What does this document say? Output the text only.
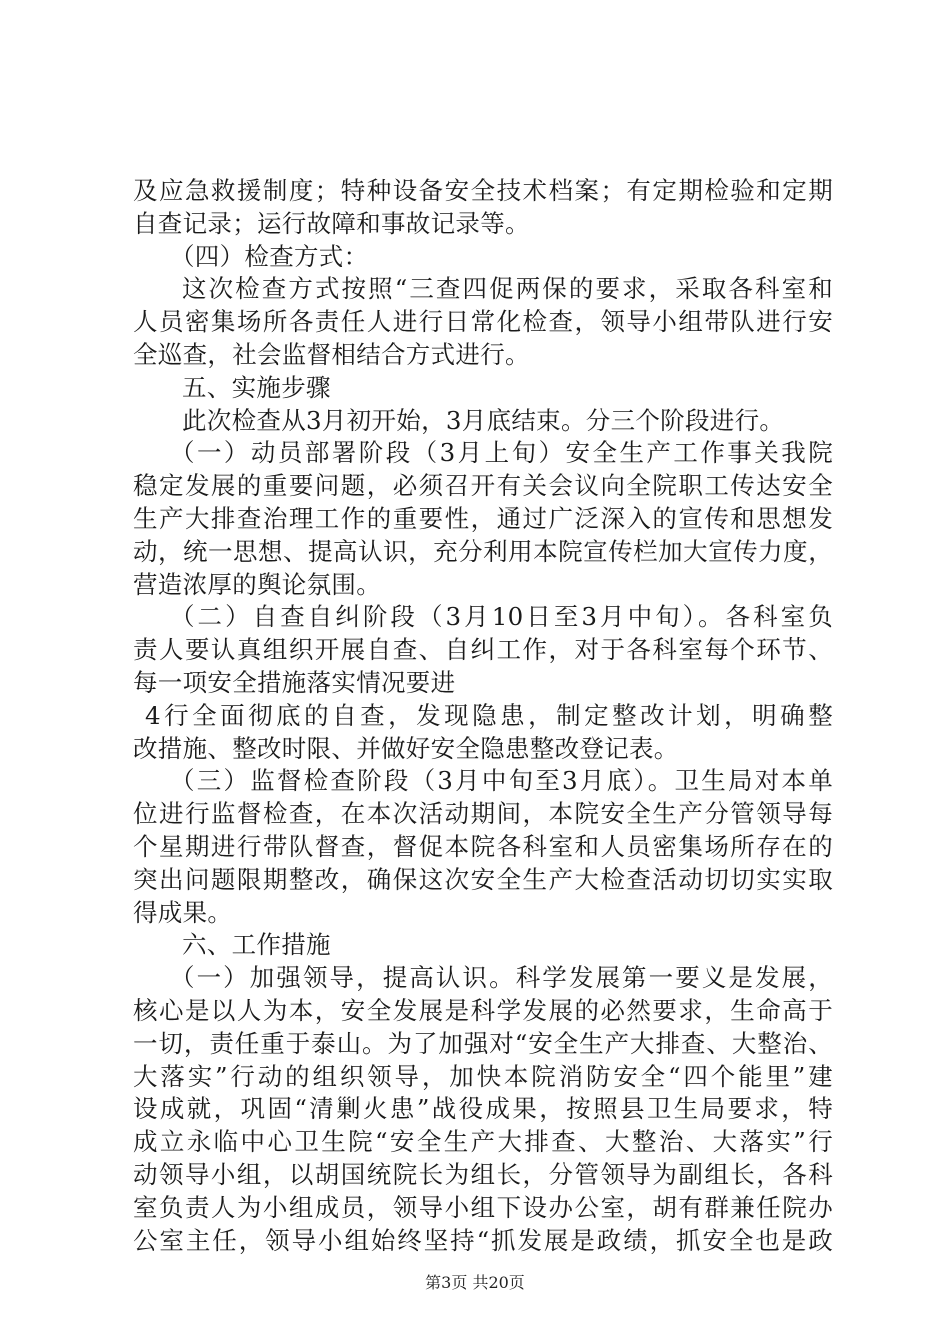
及应急救援制度；特种设备安全技术档案；有定期检验和定期
自查记录；运行故障和事故记录等。
（四）检查方式：
这次检查方式按照“三查四促两保的要求，采取各科室和
人员密集场所各责任人进行日常化检查，领导小组带队进行安
全巡查，社会监督相结合方式进行。
五、实施步骤
此次检查从3月初开始，3月底结束。分三个阶段进行。
（一）动员部署阶段（3月上旬）安全生产工作事关我院
稳定发展的重要问题，必须召开有关会议向全院职工传达安全
生产大排查治理工作的重要性，通过广泛深入的宣传和思想发
动，统一思想、提高认识，充分利用本院宣传栏加大宣传力度，
营造浓厚的舆论氛围。
（二）自查自纠阶段（3月10日至3月中旬）。各科室负
责人要认真组织开展自查、自纠工作，对于各科室每个环节、
每一项安全措施落实情况要进
4行全面彻底的自查，发现隐患，制定整改计划，明确整
改措施、整改时限、并做好安全隐患整改登记表。
（三）监督检查阶段（3月中旬至3月底）。卫生局对本单
位进行监督检查，在本次活动期间，本院安全生产分管领导每
个星期进行带队督查，督促本院各科室和人员密集场所存在的
突出问题限期整改，确保这次安全生产大检查活动切切实实取
得成果。
六、工作措施
（一）加强领导，提高认识。科学发展第一要义是发展，
核心是以人为本，安全发展是科学发展的必然要求，生命高于
一切，责任重于泰山。为了加强对“安全生产大排查、大整治、
大落实”行动的组织领导，加快本院消防安全“四个能里”建
设成就，巩固“清剿火患”战役成果，按照县卫生局要求，特
成立永临中心卫生院“安全生产大排查、大整治、大落实”行
动领导小组，以胡国统院长为组长，分管领导为副组长，各科
室负责人为小组成员，领导小组下设办公室，胡有群兼任院办
公室主任，领导小组始终坚持“抓发展是政绩，抓安全也是政
第3页 共20页
